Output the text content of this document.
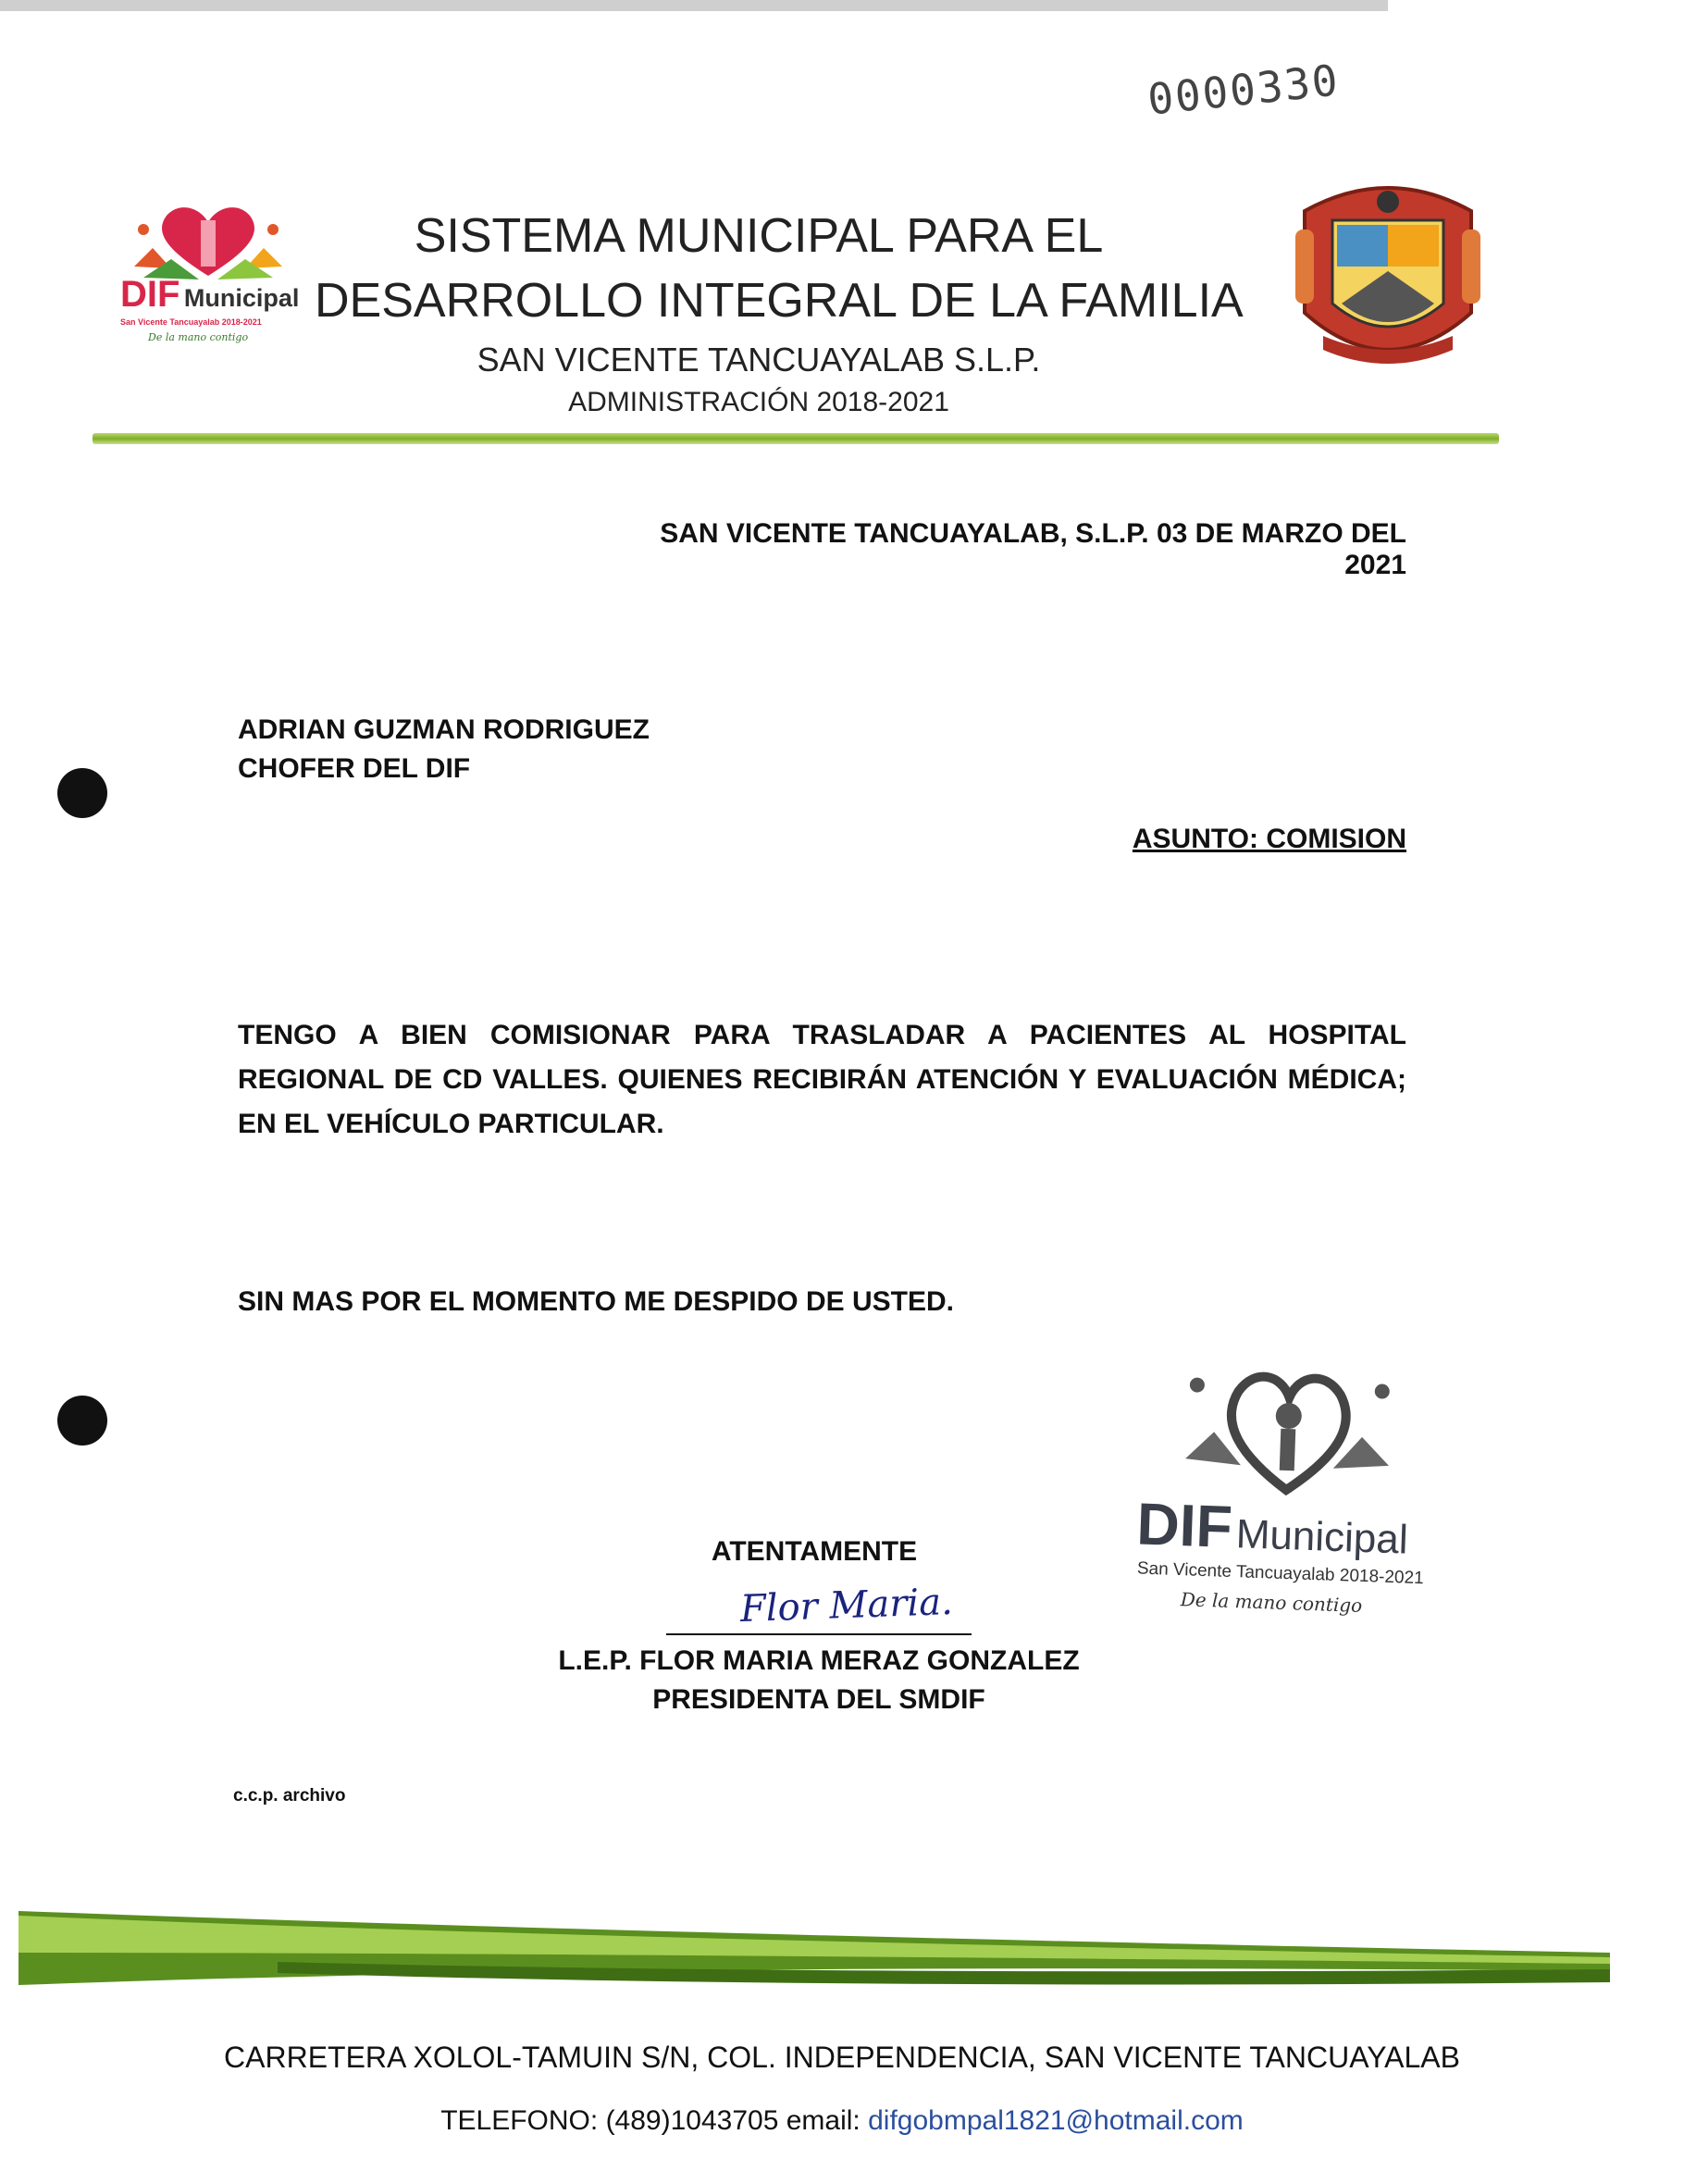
0000330
DIF Municipal
San Vicente Tancuayalab 2018-2021
De la mano contigo
SISTEMA MUNICIPAL PARA EL
DESARROLLO INTEGRAL DE LA FAMILIA
SAN VICENTE TANCUAYALAB S.L.P.
ADMINISTRACIÓN 2018-2021
SAN VICENTE TANCUAYALAB, S.L.P. 03 DE MARZO DEL 2021
ADRIAN GUZMAN RODRIGUEZ
CHOFER DEL DIF
ASUNTO: COMISION
TENGO A BIEN COMISIONAR PARA TRASLADAR A PACIENTES AL HOSPITAL REGIONAL DE CD VALLES. QUIENES RECIBIRÁN ATENCIÓN Y EVALUACIÓN MÉDICA; EN EL VEHÍCULO PARTICULAR.
SIN MAS POR EL MOMENTO ME DESPIDO DE USTED.
DIF Municipal
San Vicente Tancuayalab 2018-2021
De la mano contigo
ATENTAMENTE
Flor Maria.
L.E.P. FLOR MARIA MERAZ GONZALEZ
PRESIDENTA DEL SMDIF
c.c.p. archivo
CARRETERA XOLOL-TAMUIN S/N, COL. INDEPENDENCIA, SAN VICENTE TANCUAYALAB
TELEFONO: (489)1043705 email: difgobmpal1821@hotmail.com
